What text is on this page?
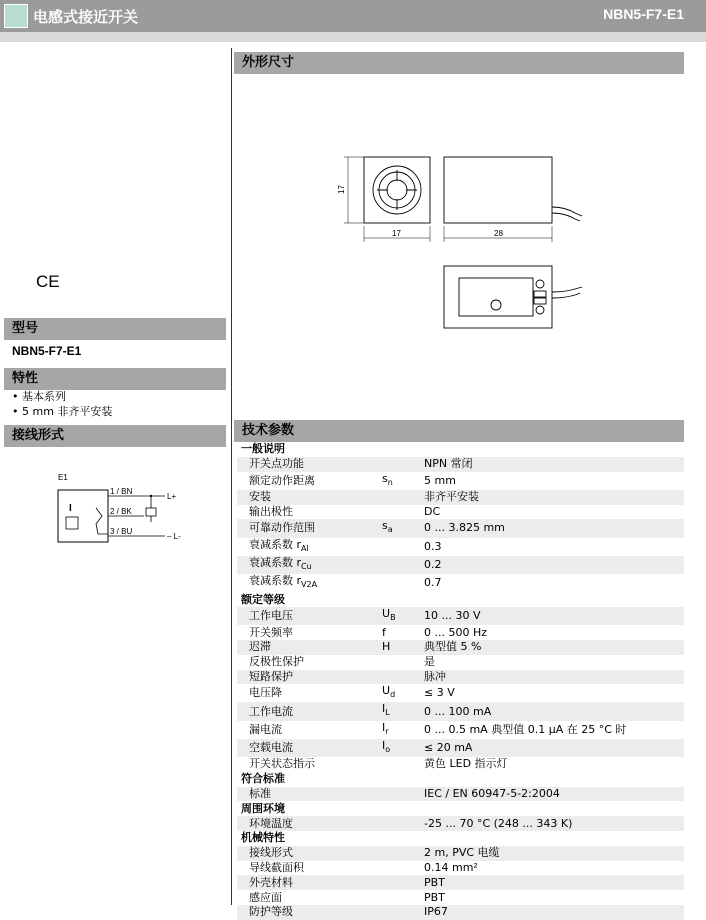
电感式接近开关	NBN5-F7-E1
CE
型号
NBN5-F7-E1
特性
• 基本系列
• 5 mm 非齐平安装
接线形式
E1
I
1 / BN
2 / BK
3 / BU
L+
– L-
外形尺寸
17
17	28
技术参数
一般说明		
开关点功能		NPN 常闭
额定动作距离	$s_n$	5 mm
安装		非齐平安装
输出极性		DC
可靠动作范围	$s_a$	0 ... 3.825 mm
衰减系数 $r_{Al}$		0.3
衰减系数 $r_{Cu}$		0.2
衰减系数 $r_{V2A}$		0.7
额定等级		
工作电压	$U_B$	10 ... 30 V
开关频率	f	0 ... 500 Hz
迟滞	H	典型值 5 %
反极性保护		是
短路保护		脉冲
电压降	$U_d$	≤ 3 V
工作电流	$I_L$	0 ... 100 mA
漏电流	$I_r$	0 ... 0.5 mA 典型值 0.1 µA 在 25 °C 时
空载电流	$I_o$	≤ 20 mA
开关状态指示		黄色 LED 指示灯
符合标准		
标准		IEC / EN 60947-5-2:2004
周围环境		
环境温度		-25 ... 70 °C (248 ... 343 K)
机械特性		
接线形式		2 m, PVC 电缆
导线截面积		0.14 mm²
外壳材料		PBT
感应面		PBT
防护等级		IP67
